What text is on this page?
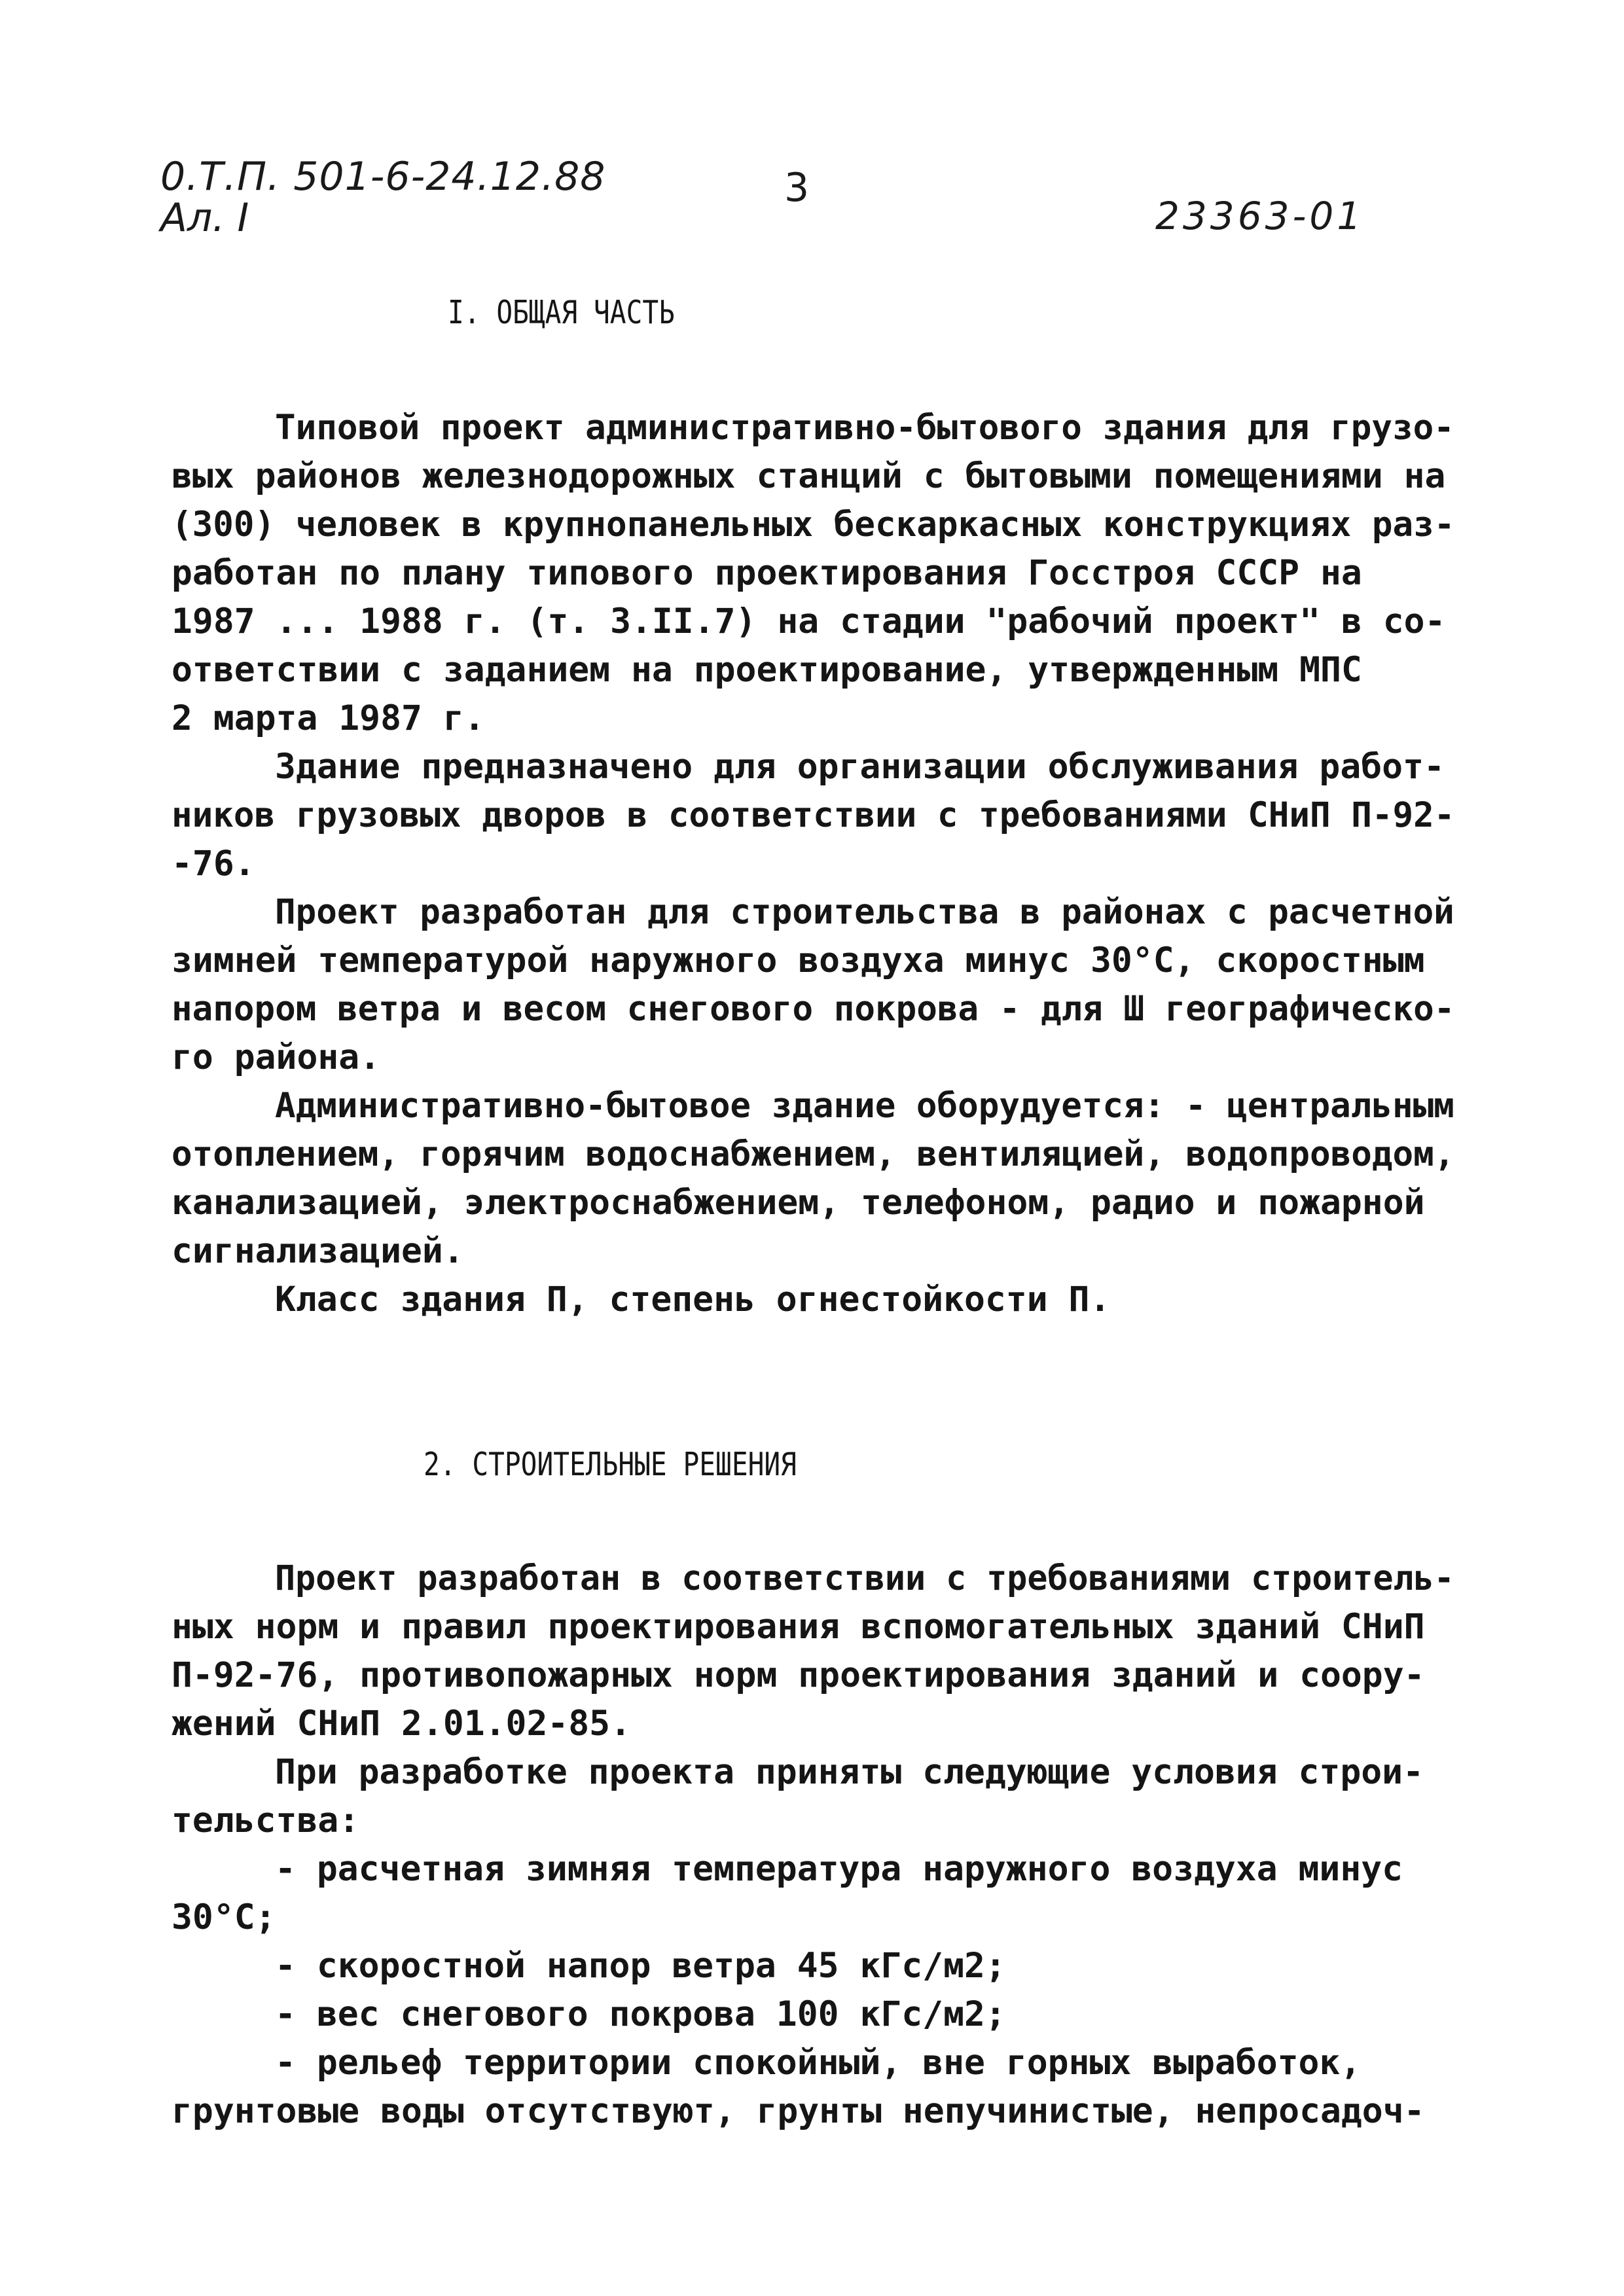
0.Т.П. 501-6-24.12.88
Ал. I
3
23363-01
I. ОБЩАЯ ЧАСТЬ
Типовой проект административно-бытового здания для грузо-
вых районов железнодорожных станций с бытовыми помещениями на
(300) человек в крупнопанельных бескаркасных конструкциях раз-
работан по плану типового проектирования Госстроя СССР на
1987 ... 1988 г. (т. 3.II.7) на стадии "рабочий проект" в со-
ответствии с заданием на проектирование, утвержденным МПС
2 марта 1987 г.
Здание предназначено для организации обслуживания работ-
ников грузовых дворов в соответствии с требованиями СНиП П-92-
-76.
Проект разработан для строительства в районах с расчетной
зимней температурой наружного воздуха минус 30°С, скоростным
напором ветра и весом снегового покрова - для Ш географическо-
го района.
Административно-бытовое здание оборудуется: - центральным
отоплением, горячим водоснабжением, вентиляцией, водопроводом,
канализацией, электроснабжением, телефоном, радио и пожарной
сигнализацией.
Класс здания П, степень огнестойкости П.
2. СТРОИТЕЛЬНЫЕ РЕШЕНИЯ
Проект разработан в соответствии с требованиями строитель-
ных норм и правил проектирования вспомогательных зданий СНиП
П-92-76, противопожарных норм проектирования зданий и соору-
жений СНиП 2.01.02-85.
При разработке проекта приняты следующие условия строи-
тельства:
- расчетная зимняя температура наружного воздуха минус
30°С;
- скоростной напор ветра 45 кГс/м2;
- вес снегового покрова 100 кГс/м2;
- рельеф территории спокойный, вне горных выработок,
грунтовые воды отсутствуют, грунты непучинистые, непросадоч-
